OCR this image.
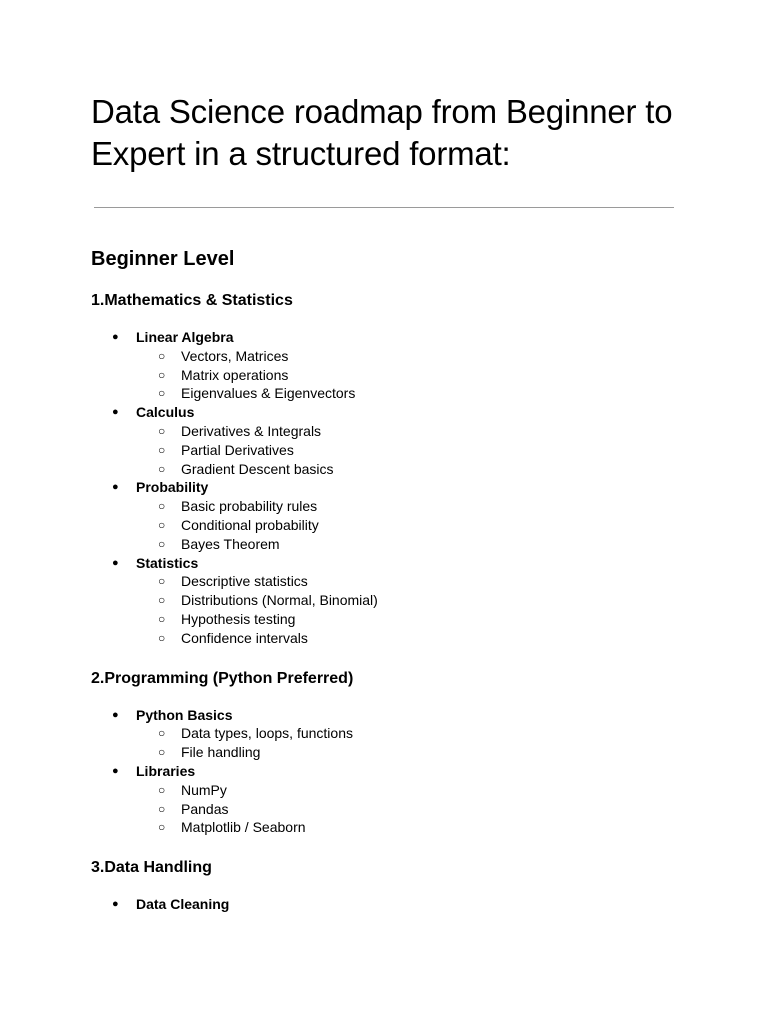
Data Science roadmap from Beginner to Expert in a structured format:
Beginner Level
1.Mathematics & Statistics
● Linear Algebra
○ Vectors, Matrices
○ Matrix operations
○ Eigenvalues & Eigenvectors
● Calculus
○ Derivatives & Integrals
○ Partial Derivatives
○ Gradient Descent basics
● Probability
○ Basic probability rules
○ Conditional probability
○ Bayes Theorem
● Statistics
○ Descriptive statistics
○ Distributions (Normal, Binomial)
○ Hypothesis testing
○ Confidence intervals
2.Programming (Python Preferred)
● Python Basics
○ Data types, loops, functions
○ File handling
● Libraries
○ NumPy
○ Pandas
○ Matplotlib / Seaborn
3.Data Handling
● Data Cleaning
